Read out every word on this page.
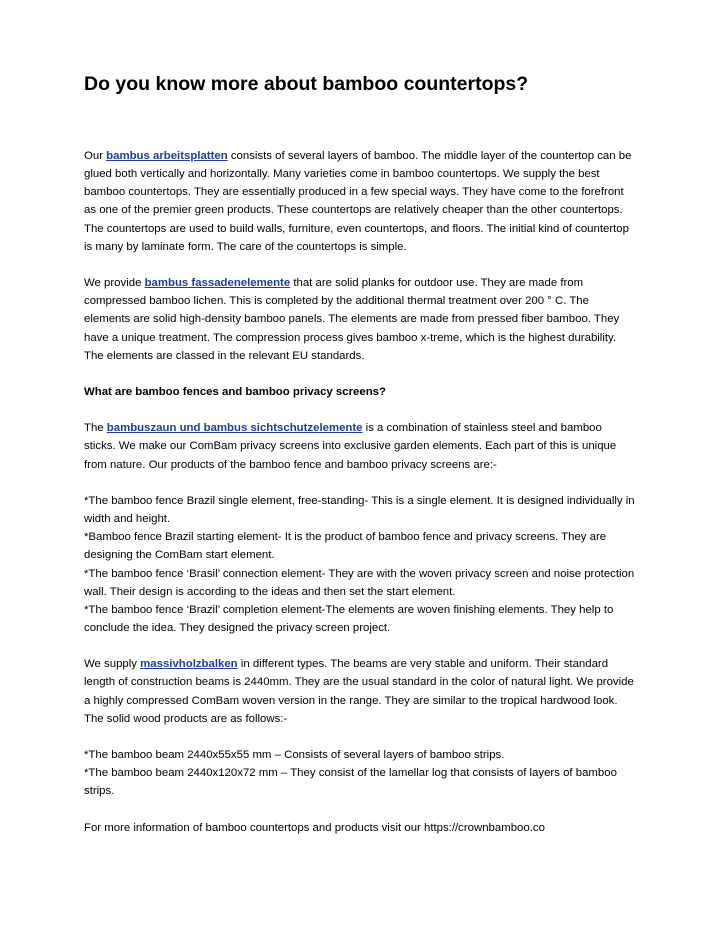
Do you know more about bamboo countertops?

Our bambus arbeitsplatten consists of several layers of bamboo. The middle layer of the countertop can be glued both vertically and horizontally. Many varieties come in bamboo countertops. We supply the best bamboo countertops. They are essentially produced in a few special ways. They have come to the forefront as one of the premier green products. These countertops are relatively cheaper than the other countertops. The countertops are used to build walls, furniture, even countertops, and floors. The initial kind of countertop is many by laminate form. The care of the countertops is simple.

We provide bambus fassadenelemente that are solid planks for outdoor use. They are made from compressed bamboo lichen. This is completed by the additional thermal treatment over 200 ° C. The elements are solid high-density bamboo panels. The elements are made from pressed fiber bamboo. They have a unique treatment. The compression process gives bamboo x-treme, which is the highest durability. The elements are classed in the relevant EU standards.

What are bamboo fences and bamboo privacy screens?

The bambuszaun und bambus sichtschutzelemente is a combination of stainless steel and bamboo sticks. We make our ComBam privacy screens into exclusive garden elements. Each part of this is unique from nature. Our products of the bamboo fence and bamboo privacy screens are:-

*The bamboo fence Brazil single element, free-standing- This is a single element. It is designed individually in width and height.
*Bamboo fence Brazil starting element- It is the product of bamboo fence and privacy screens. They are designing the ComBam start element.
*The bamboo fence ‘Brasil’ connection element- They are with the woven privacy screen and noise protection wall. Their design is according to the ideas and then set the start element.
*The bamboo fence ‘Brazil’ completion element-The elements are woven finishing elements. They help to conclude the idea. They designed the privacy screen project.

We supply massivholzbalken in different types. The beams are very stable and uniform. Their standard length of construction beams is 2440mm. They are the usual standard in the color of natural light. We provide a highly compressed ComBam woven version in the range. They are similar to the tropical hardwood look. The solid wood products are as follows:-

*The bamboo beam 2440x55x55 mm – Consists of several layers of bamboo strips.
*The bamboo beam 2440x120x72 mm – They consist of the lamellar log that consists of layers of bamboo strips.

For more information of bamboo countertops and products visit our https://crownbamboo.co
